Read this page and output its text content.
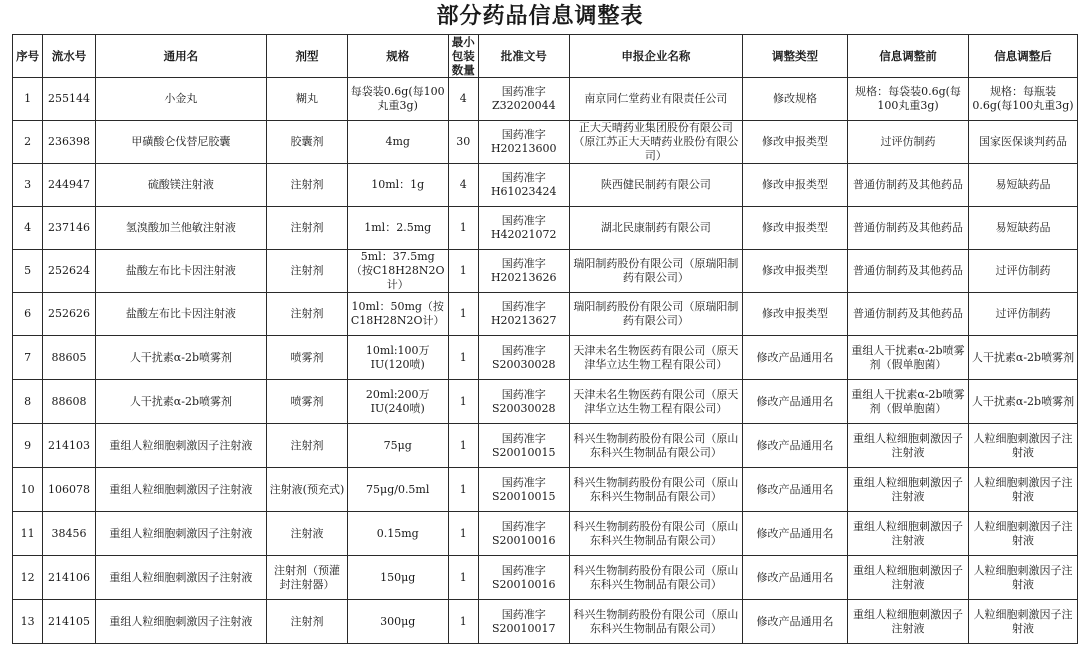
部分药品信息调整表
序号	流水号	通用名	剂型	规格	最小包装数量	批准文号	申报企业名称	调整类型	信息调整前	信息调整后
1	255144	小金丸	糊丸	每袋装0.6g(每100丸重3g)	4	国药准字Z32020044	南京同仁堂药业有限责任公司	修改规格	规格：每袋装0.6g(每100丸重3g)	规格：每瓶装0.6g(每100丸重3g)
2	236398	甲磺酸仑伐替尼胶囊	胶囊剂	4mg	30	国药准字H20213600	正大天晴药业集团股份有限公司（原江苏正大天晴药业股份有限公司）	修改申报类型	过评仿制药	国家医保谈判药品
3	244947	硫酸镁注射液	注射剂	10ml：1g	4	国药准字H61023424	陕西健民制药有限公司	修改申报类型	普通仿制药及其他药品	易短缺药品
4	237146	氢溴酸加兰他敏注射液	注射剂	1ml：2.5mg	1	国药准字H42021072	湖北民康制药有限公司	修改申报类型	普通仿制药及其他药品	易短缺药品
5	252624	盐酸左布比卡因注射液	注射剂	5ml：37.5mg（按C18H28N2O计）	1	国药准字H20213626	瑞阳制药股份有限公司（原瑞阳制药有限公司）	修改申报类型	普通仿制药及其他药品	过评仿制药
6	252626	盐酸左布比卡因注射液	注射剂	10ml：50mg（按C18H28N2O计）	1	国药准字H20213627	瑞阳制药股份有限公司（原瑞阳制药有限公司）	修改申报类型	普通仿制药及其他药品	过评仿制药
7	88605	人干扰素α-2b喷雾剂	喷雾剂	10ml:100万IU(120喷)	1	国药准字S20030028	天津未名生物医药有限公司（原天津华立达生物工程有限公司）	修改产品通用名	重组人干扰素α-2b喷雾剂（假单胞菌）	人干扰素α-2b喷雾剂
8	88608	人干扰素α-2b喷雾剂	喷雾剂	20ml:200万IU(240喷)	1	国药准字S20030028	天津未名生物医药有限公司（原天津华立达生物工程有限公司）	修改产品通用名	重组人干扰素α-2b喷雾剂（假单胞菌）	人干扰素α-2b喷雾剂
9	214103	重组人粒细胞刺激因子注射液	注射剂	75μg	1	国药准字S20010015	科兴生物制药股份有限公司（原山东科兴生物制品有限公司）	修改产品通用名	重组人粒细胞刺激因子注射液	人粒细胞刺激因子注射液
10	106078	重组人粒细胞刺激因子注射液	注射液(预充式)	75μg/0.5ml	1	国药准字S20010015	科兴生物制药股份有限公司（原山东科兴生物制品有限公司）	修改产品通用名	重组人粒细胞刺激因子注射液	人粒细胞刺激因子注射液
11	38456	重组人粒细胞刺激因子注射液	注射液	0.15mg	1	国药准字S20010016	科兴生物制药股份有限公司（原山东科兴生物制品有限公司）	修改产品通用名	重组人粒细胞刺激因子注射液	人粒细胞刺激因子注射液
12	214106	重组人粒细胞刺激因子注射液	注射剂（预灌封注射器）	150μg	1	国药准字S20010016	科兴生物制药股份有限公司（原山东科兴生物制品有限公司）	修改产品通用名	重组人粒细胞刺激因子注射液	人粒细胞刺激因子注射液
13	214105	重组人粒细胞刺激因子注射液	注射剂	300μg	1	国药准字S20010017	科兴生物制药股份有限公司（原山东科兴生物制品有限公司）	修改产品通用名	重组人粒细胞刺激因子注射液	人粒细胞刺激因子注射液
